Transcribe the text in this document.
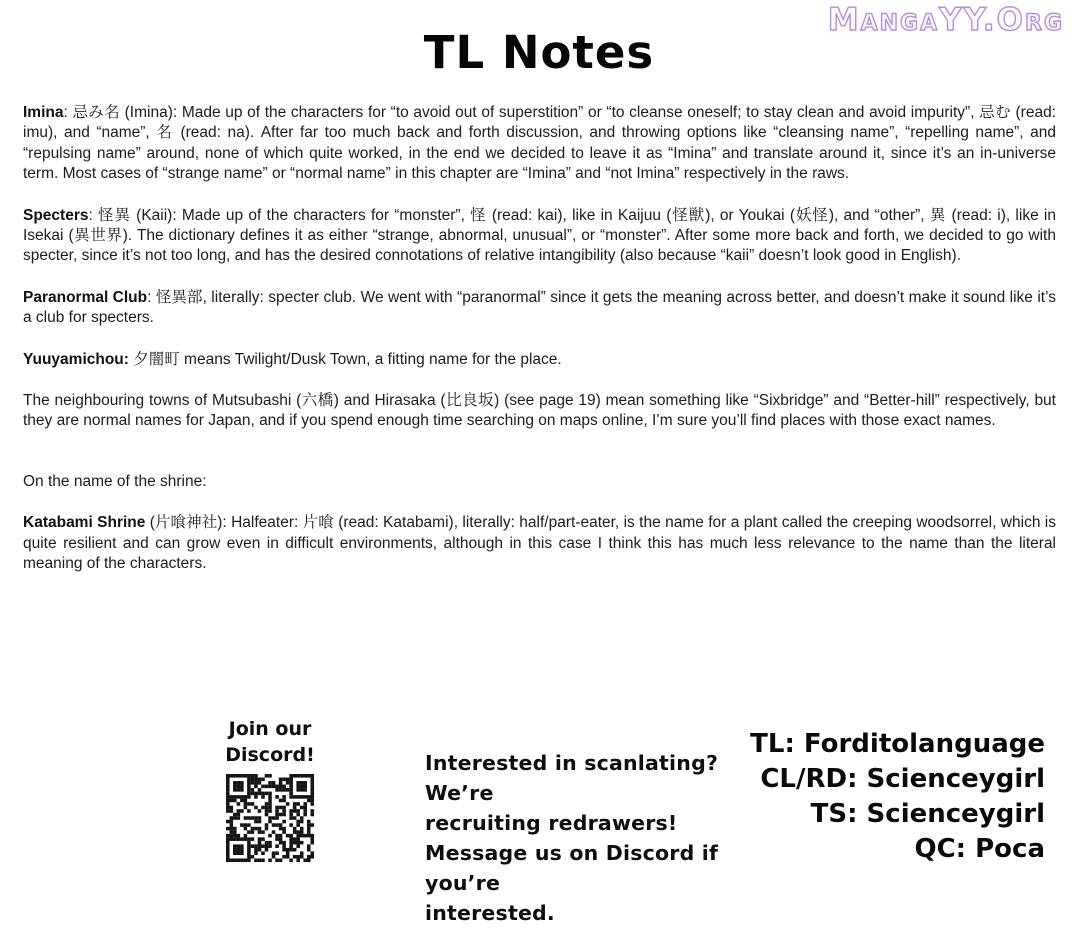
MangaYY.Org
TL Notes
Imina: 忌み名 (Imina): Made up of the characters for “to avoid out of superstition” or “to cleanse oneself; to stay clean and avoid impurity”, 忌む (read: imu), and “name”, 名 (read: na). After far too much back and forth discussion, and throwing options like “cleansing name”, “repelling name”, and “repulsing name” around, none of which quite worked, in the end we decided to leave it as “Imina” and translate around it, since it’s an in-universe term. Most cases of “strange name” or “normal name” in this chapter are “Imina” and “not Imina” respectively in the raws.
Specters: 怪異 (Kaii): Made up of the characters for “monster”, 怪 (read: kai), like in Kaijuu (怪獣), or Youkai (妖怪), and “other”, 異 (read: i), like in Isekai (異世界). The dictionary defines it as either “strange, abnormal, unusual”, or “monster”. After some more back and forth, we decided to go with specter, since it’s not too long, and has the desired connotations of relative intangibility (also because “kaii” doesn’t look good in English).
Paranormal Club: 怪異部, literally: specter club. We went with “paranormal” since it gets the meaning across better, and doesn’t make it sound like it’s a club for specters.
Yuuyamichou: 夕闇町 means Twilight/Dusk Town, a fitting name for the place.
The neighbouring towns of Mutsubashi (六橋) and Hirasaka (比良坂) (see page 19) mean something like “Sixbridge” and “Better-hill” respectively, but they are normal names for Japan, and if you spend enough time searching on maps online, I’m sure you’ll find places with those exact names.
On the name of the shrine:
Katabami Shrine (片喰神社): Halfeater: 片喰 (read: Katabami), literally: half/part-eater, is the name for a plant called the creeping woodsorrel, which is quite resilient and can grow even in difficult environments, although in this case I think this has much less relevance to the name than the literal meaning of the characters.
Join our
Discord!	Interested in scanlating? We’re
recruiting redrawers!
Message us on Discord if you’re
interested.
TL: Forditolanguage
CL/RD: Scienceygirl
TS: Scienceygirl
QC: Poca
